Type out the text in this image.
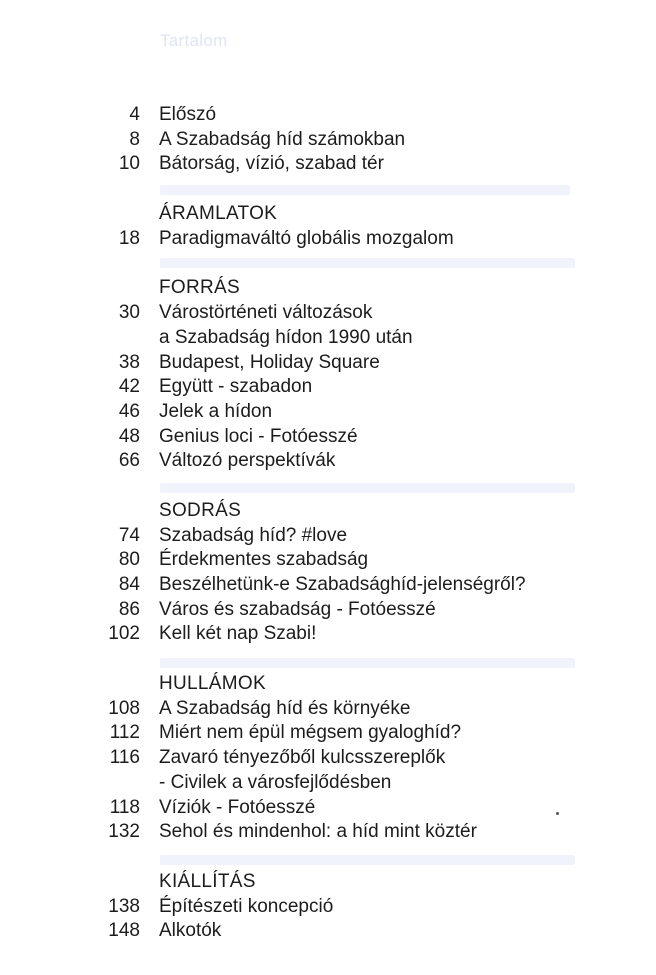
Tartalom
4 Előszó
8 A Szabadság híd számokban
10 Bátorság, vízió, szabad tér
ÁRAMLATOK
18 Paradigmaváltó globális mozgalom
FORRÁS
30 Várostörténeti változások
a Szabadság hídon 1990 után
38 Budapest, Holiday Square
42 Együtt - szabadon
46 Jelek a hídon
48 Genius loci - Fotóesszé
66 Változó perspektívák
SODRÁS
74 Szabadság híd? #love
80 Érdekmentes szabadság
84 Beszélhetünk-e Szabadsághíd-jelenségről?
86 Város és szabadság - Fotóesszé
102 Kell két nap Szabi!
HULLÁMOK
108 A Szabadság híd és környéke
112 Miért nem épül mégsem gyaloghíd?
116 Zavaró tényezőből kulcsszereplők
- Civilek a városfejlődésben
118 Víziók - Fotóesszé
132 Sehol és mindenhol: a híd mint köztér
KIÁLLÍTÁS
138 Építészeti koncepció
148 Alkotók
